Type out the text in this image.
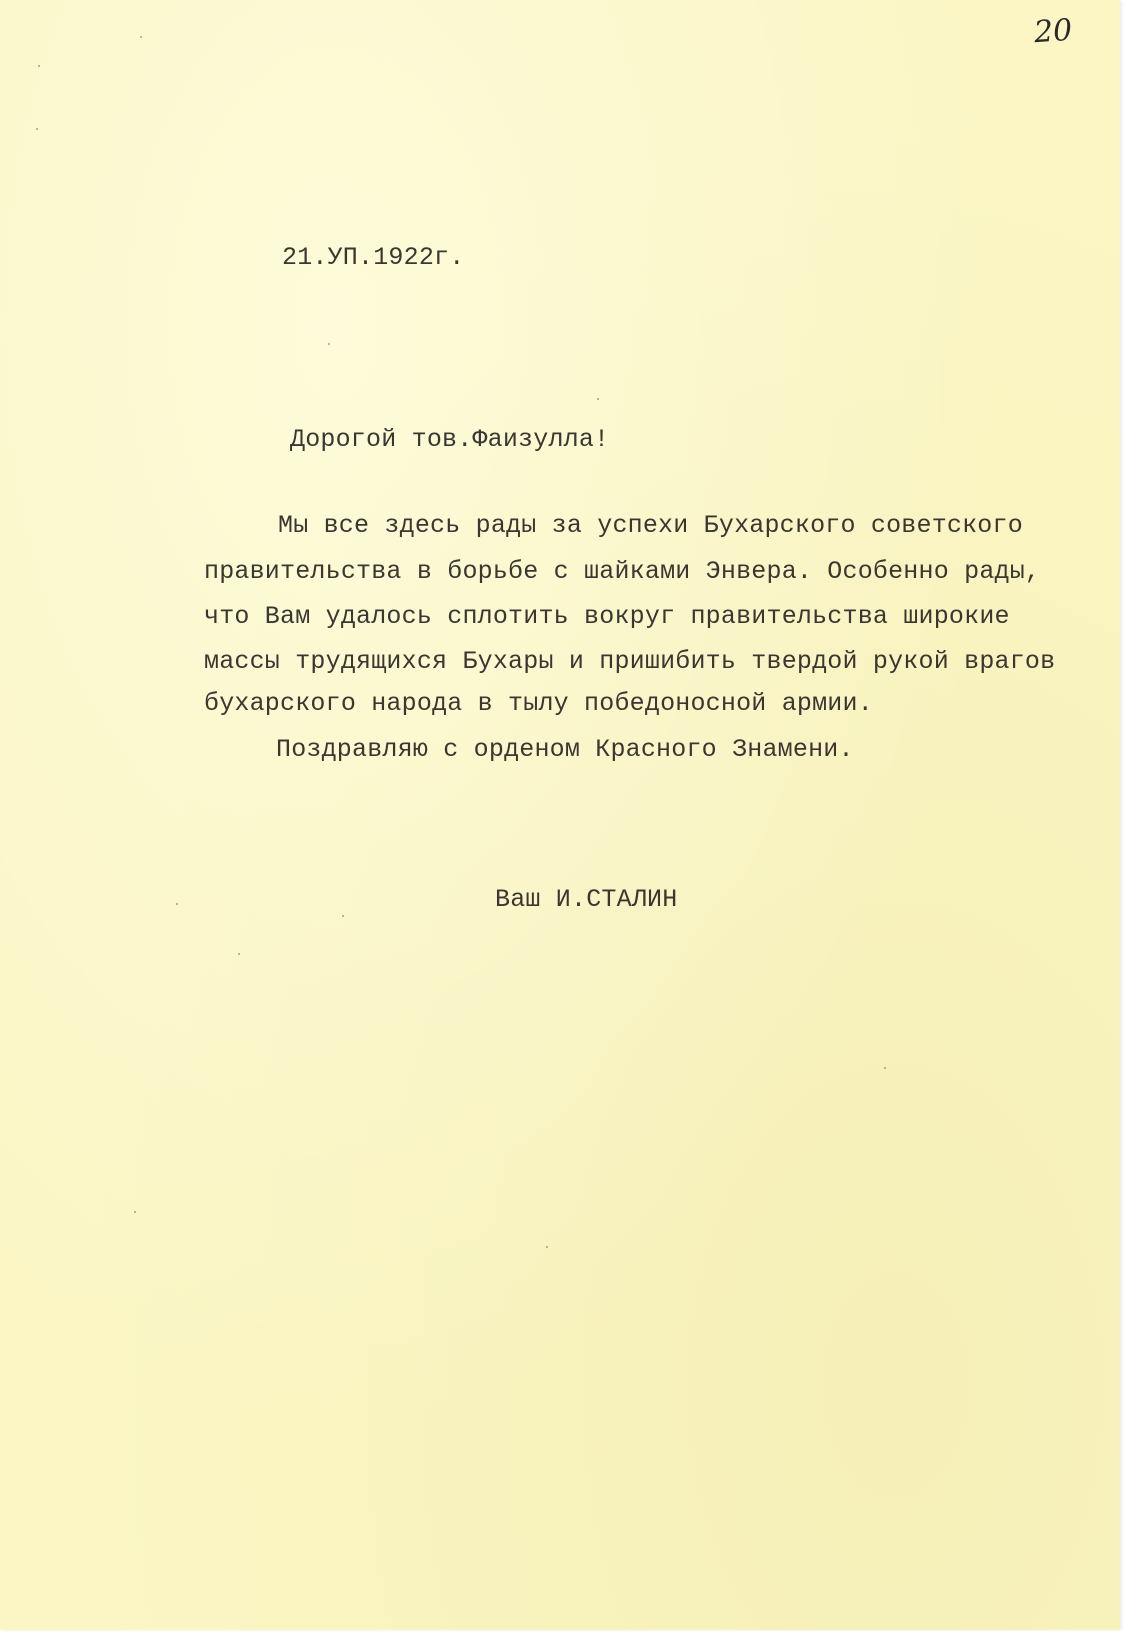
20
21.УП.1922г.
Дорогой тов.Фаизулла!
Мы все здесь рады за успехи Бухарского советского
правительства в борьбе с шайками Энвера. Особенно рады,
что Вам удалось сплотить вокруг правительства широкие
массы трудящихся Бухары и пришибить твердой рукой врагов
бухарского народа в тылу победоносной армии.
Поздравляю с орденом Красного Знамени.
Ваш И.СТАЛИН
